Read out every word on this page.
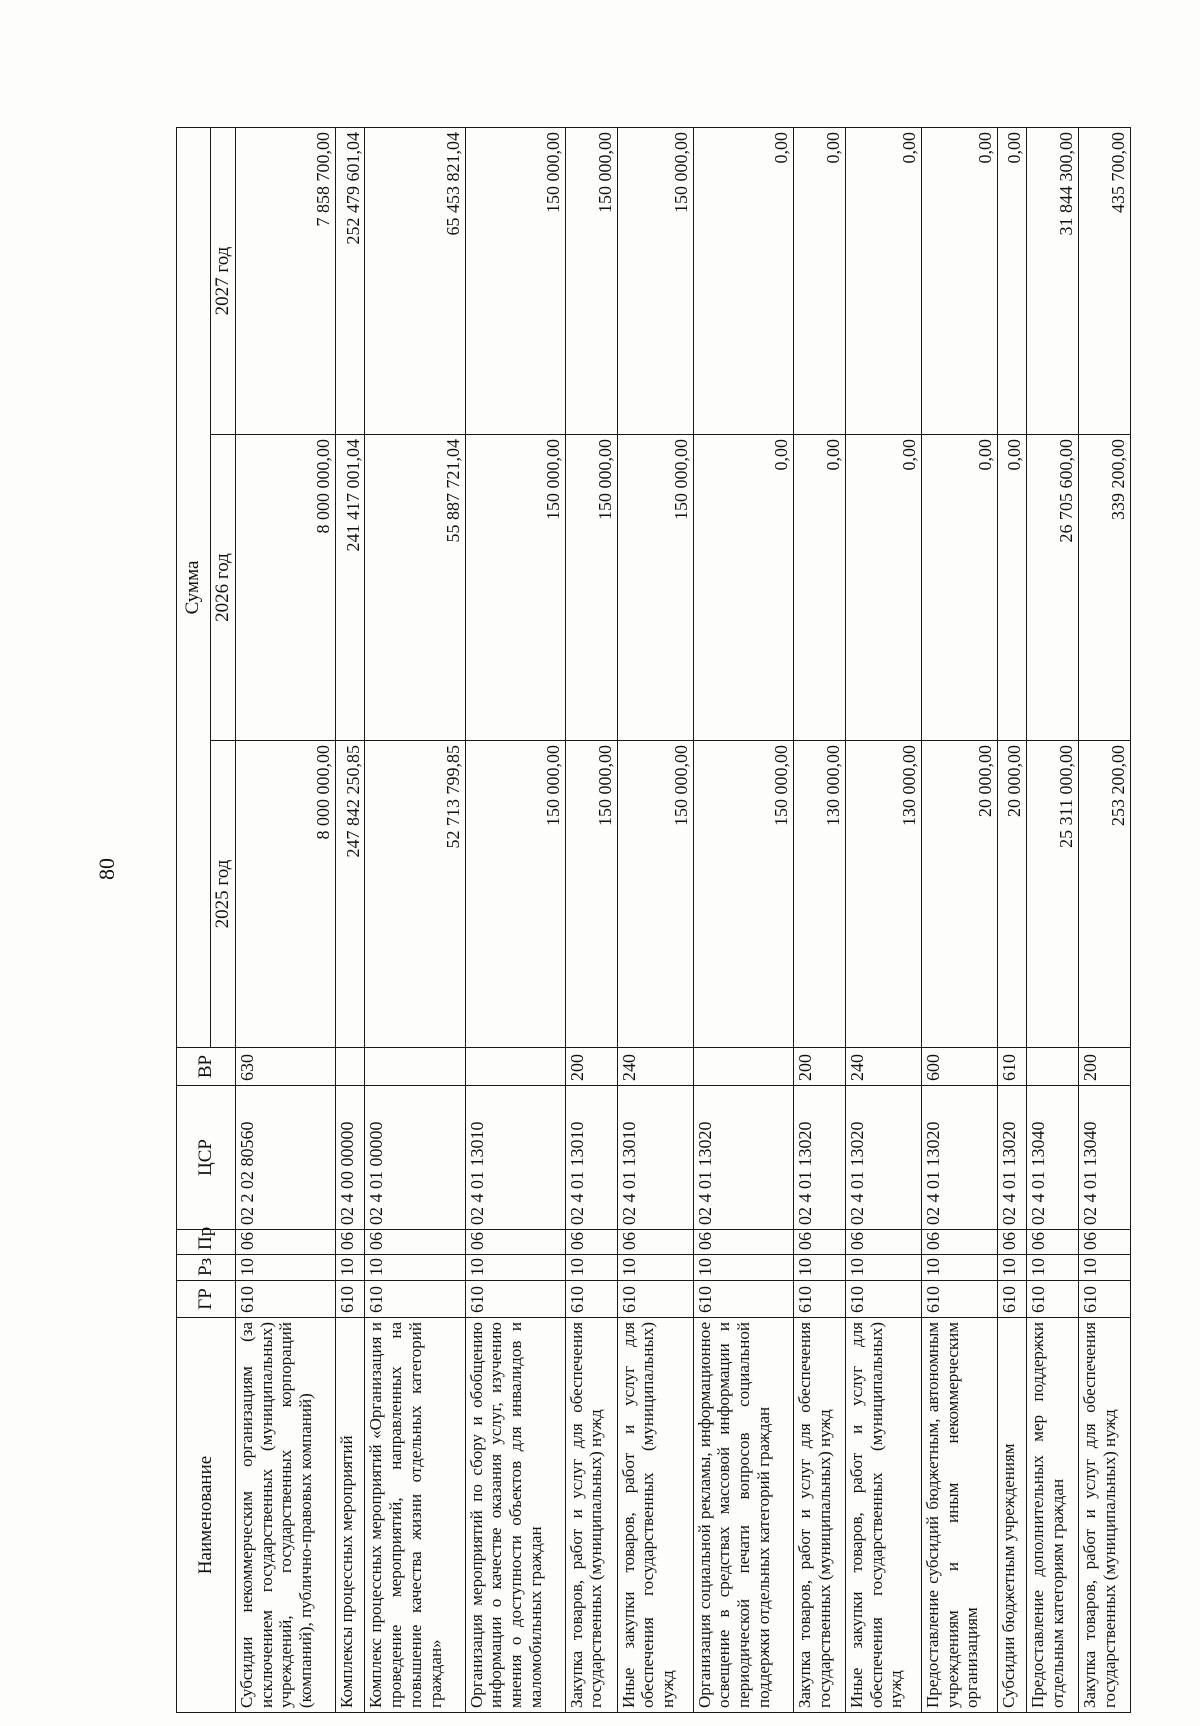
80
Наименование	ГР	Рз	Пр	ЦСР	ВР	Сумма		
						2025 год	2026 год	2027 год
Субсидии некоммерческим организациям (за исключением государственных (муниципальных) учреждений, государственных корпораций (компаний), публично-правовых компаний)	610	10	06	02 2 02 80560	630	8 000 000,00	8 000 000,00	7 858 700,00
Комплексы процессных мероприятий	610	10	06	02 4 00 00000		247 842 250,85	241 417 001,04	252 479 601,04
Комплекс процессных мероприятий «Организация и проведение мероприятий, направленных на повышение качества жизни отдельных категорий граждан»	610	10	06	02 4 01 00000		52 713 799,85	55 887 721,04	65 453 821,04
Организация мероприятий по сбору и обобщению информации о качестве оказания услуг, изучению мнения о доступности объектов для инвалидов и маломобильных граждан	610	10	06	02 4 01 13010		150 000,00	150 000,00	150 000,00
Закупка товаров, работ и услуг для обеспечения государственных (муниципальных) нужд	610	10	06	02 4 01 13010	200	150 000,00	150 000,00	150 000,00
Иные закупки товаров, работ и услуг для обеспечения государственных (муниципальных) нужд	610	10	06	02 4 01 13010	240	150 000,00	150 000,00	150 000,00
Организация социальной рекламы, информационное освещение в средствах массовой информации и периодической печати вопросов социальной поддержки отдельных категорий граждан	610	10	06	02 4 01 13020		150 000,00	0,00	0,00
Закупка товаров, работ и услуг для обеспечения государственных (муниципальных) нужд	610	10	06	02 4 01 13020	200	130 000,00	0,00	0,00
Иные закупки товаров, работ и услуг для обеспечения государственных (муниципальных) нужд	610	10	06	02 4 01 13020	240	130 000,00	0,00	0,00
Предоставление субсидий бюджетным, автономным учреждениям и иным некоммерческим организациям	610	10	06	02 4 01 13020	600	20 000,00	0,00	0,00
Субсидии бюджетным учреждениям	610	10	06	02 4 01 13020	610	20 000,00	0,00	0,00
Предоставление дополнительных мер поддержки отдельным категориям граждан	610	10	06	02 4 01 13040		25 311 000,00	26 705 600,00	31 844 300,00
Закупка товаров, работ и услуг для обеспечения государственных (муниципальных) нужд	610	10	06	02 4 01 13040	200	253 200,00	339 200,00	435 700,00
